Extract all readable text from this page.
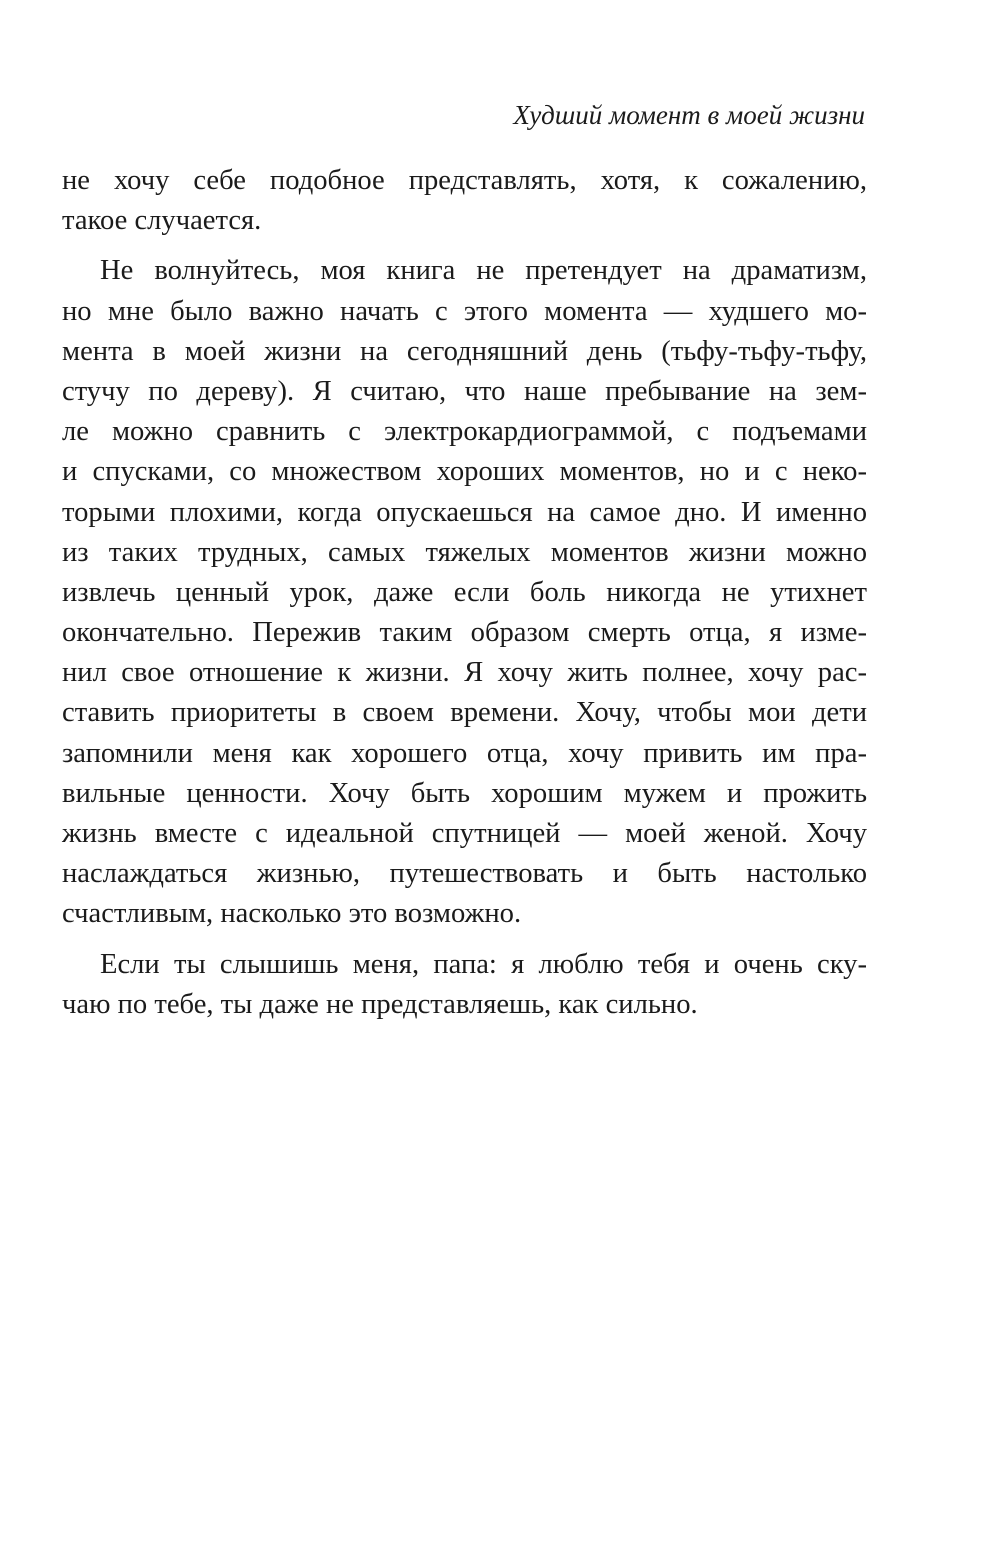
Худший момент в моей жизни
не хочу себе подобное представлять, хотя, к сожалению,
такое случается.
Не волнуйтесь, моя книга не претендует на драматизм,
но мне было важно начать с этого момента — худшего мо-
мента в моей жизни на сегодняшний день (тьфу-тьфу-тьфу,
стучу по дереву). Я считаю, что наше пребывание на зем-
ле можно сравнить с электрокардиограммой, с подъемами
и спусками, со множеством хороших моментов, но и с неко-
торыми плохими, когда опускаешься на самое дно. И именно
из таких трудных, самых тяжелых моментов жизни можно
извлечь ценный урок, даже если боль никогда не утихнет
окончательно. Пережив таким образом смерть отца, я изме-
нил свое отношение к жизни. Я хочу жить полнее, хочу рас-
ставить приоритеты в своем времени. Хочу, чтобы мои дети
запомнили меня как хорошего отца, хочу привить им пра-
вильные ценности. Хочу быть хорошим мужем и прожить
жизнь вместе с идеальной спутницей — моей женой. Хочу
наслаждаться жизнью, путешествовать и быть настолько
счастливым, насколько это возможно.
Если ты слышишь меня, папа: я люблю тебя и очень ску-
чаю по тебе, ты даже не представляешь, как сильно.
